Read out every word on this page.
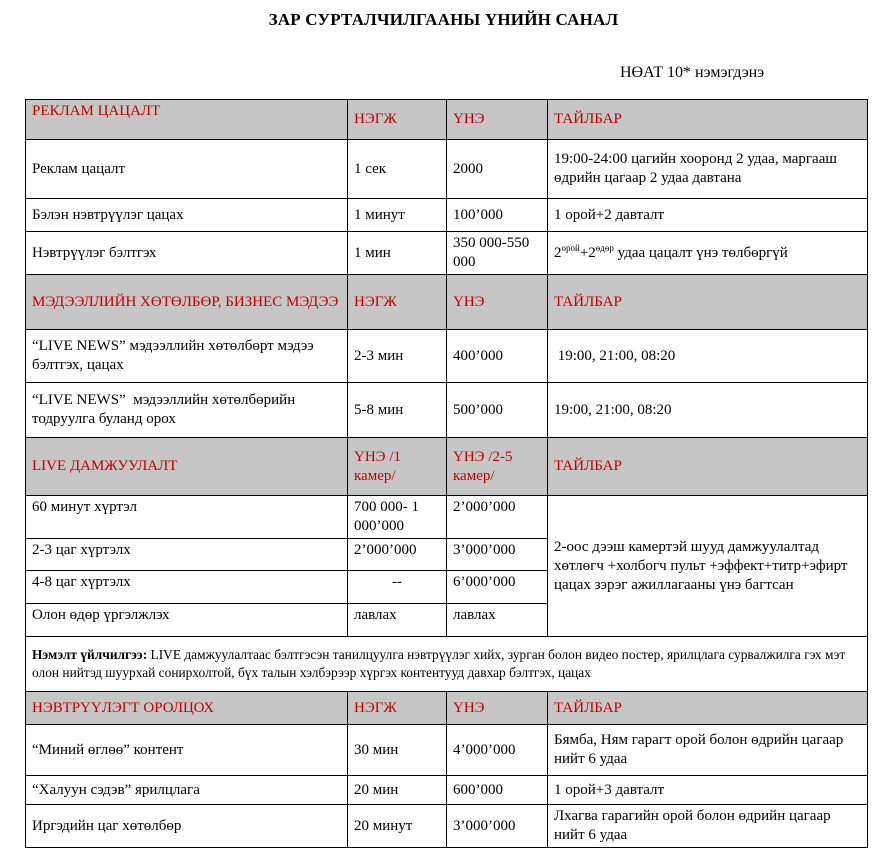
ЗАР СУРТАЛЧИЛГААНЫ ҮНИЙН САНАЛ
НӨАТ 10* нэмэгдэнэ
РЕКЛАМ ЦАЦАЛТ	НЭГЖ	ҮНЭ	ТАЙЛБАР
Реклам цацалт	1 сек	2000	19:00-24:00 цагийн хооронд 2 удаа, маргааш өдрийн цагаар 2 удаа давтана
Бэлэн нэвтрүүлэг цацах	1 минут	100’000	1 орой+2 давталт
Нэвтрүүлэг бэлтгэх	1 мин	350 000-550 000	$2^{орой}+2^{өдөр}$ удаа цацалт үнэ төлбөргүй
МЭДЭЭЛЛИЙН ХӨТӨЛБӨР, БИЗНЕС МЭДЭЭ	НЭГЖ	ҮНЭ	ТАЙЛБАР
“LIVE NEWS” мэдээллийн хөтөлбөрт мэдээ бэлтгэх, цацах	2-3 мин	400’000	19:00, 21:00, 08:20
“LIVE NEWS”  мэдээллийн хөтөлбөрийн тодруулга буланд орох	5-8 мин	500’000	19:00, 21:00, 08:20
LIVE ДАМЖУУЛАЛТ	ҮНЭ /1 камер/	ҮНЭ /2-5 камер/	ТАЙЛБАР
60 минут хүртэл	700 000- 1 000’000	2’000’000	2-оос дээш камертэй шууд дамжуулалтад хөтлөгч +холбогч пульт +эффект+титр+эфирт цацах зэрэг ажиллагааны үнэ багтсан
2-3 цаг хүртэлх	2’000’000	3’000’000	
4-8 цаг хүртэлх	--	6’000’000	
Олон өдөр үргэлжлэх	лавлах	лавлах	
Нэмэлт үйлчилгээ: LIVE дамжуулалтаас бэлтгэсэн танилцуулга нэвтрүүлэг хийх, зурган болон видео постер, ярилцлага сурвалжилга гэх мэт олон нийтэд шуурхай сонирхолтой, бүх талын хэлбэрээр хүргэх контентууд давхар бэлтгэх, цацах			
НЭВТРҮҮЛЭГТ ОРОЛЦОХ	НЭГЖ	ҮНЭ	ТАЙЛБАР
“Миний өглөө” контент	30 мин	4’000’000	Бямба, Ням гарагт орой болон өдрийн цагаар нийт 6 удаа
“Халуун сэдэв” ярилцлага	20 мин	600’000	1 орой+3 давталт
Иргэдийн цаг хөтөлбөр	20 минут	3’000’000	Лхагва гарагийн орой болон өдрийн цагаар нийт 6 удаа
